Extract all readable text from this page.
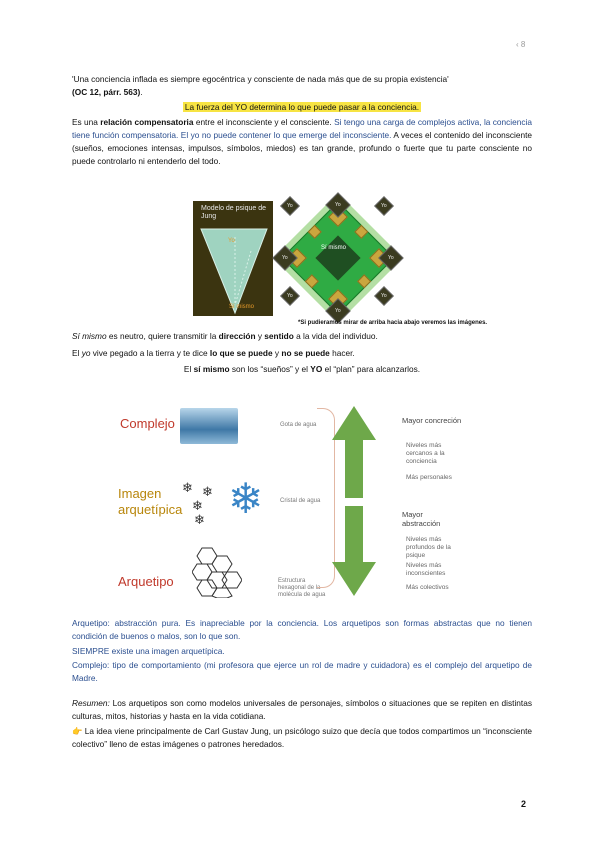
‹ 8
'Una conciencia inflada es siempre egocéntrica y consciente de nada más que de su propia existencia'
(OC 12, párr. 563).
La fuerza del YO determina lo que puede pasar a la conciencia.
Es una relación compensatoria entre el inconsciente y el consciente. Si tengo una carga de complejos activa, la conciencia tiene función compensatoria. El yo no puede contener lo que emerge del inconsciente. A veces el contenido del inconsciente (sueños, emociones intensas, impulsos, símbolos, miedos) es tan grande, profundo o fuerte que tu parte consciente no puede controlarlo ni entenderlo del todo.
Modelo de psique de Jung
Yo
Sí mismo
Yo
Yo	Yo
Yo
Yo	Yo
Yo	Yo
Sí mismo
*Si pudieramos mirar de arriba hacia abajo veremos las imágenes.
Sí mismo es neutro, quiere transmitir la dirección y sentido a la vida del individuo.
El yo vive pegado a la tierra y te dice lo que se puede y no se puede hacer.
El sí mismo son los “sueños” y el YO el “plan” para alcanzarlos.
Complejo
Imagen
arquetípica
Arquetipo
❄ ❄
❄
❄ ❄
Gota de agua
Cristal de agua
Estructura hexagonal de la molécula de agua
Mayor concreción
Niveles más cercanos a la conciencia
Más personales
Mayor abstracción
Niveles más profundos de la psique
Niveles más inconscientes
Más colectivos
Arquetipo: abstracción pura. Es inapreciable por la conciencia. Los arquetipos son formas abstractas que no tienen condición de buenos o malos, son lo que son.
SIEMPRE existe una imagen arquetípica.
Complejo: tipo de comportamiento (mi profesora que ejerce un rol de madre y cuidadora) es el complejo del arquetipo de Madre.
Resumen: Los arquetipos son como modelos universales de personajes, símbolos o situaciones que se repiten en distintas culturas, mitos, historias y hasta en la vida cotidiana.
👉 La idea viene principalmente de Carl Gustav Jung, un psicólogo suizo que decía que todos compartimos un “inconsciente colectivo” lleno de estas imágenes o patrones heredados.
2
